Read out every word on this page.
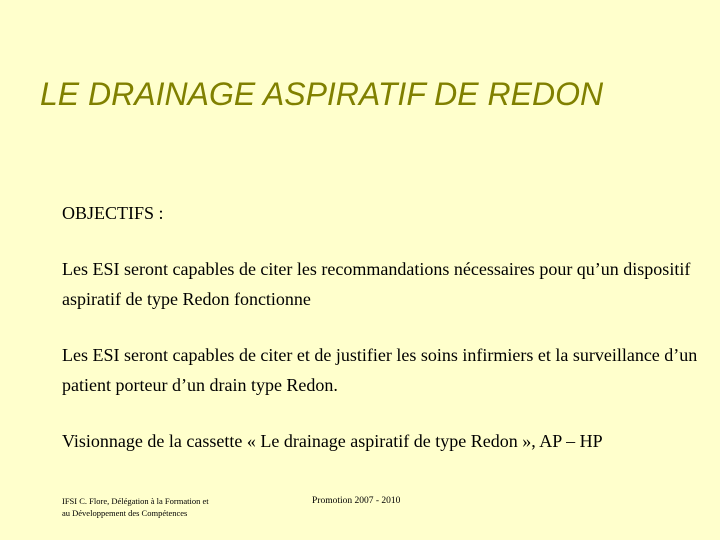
LE DRAINAGE ASPIRATIF DE REDON
OBJECTIFS :
Les ESI seront capables de citer les recommandations nécessaires pour qu’un dispositif aspiratif de type Redon fonctionne
Les ESI seront capables de citer et de justifier les soins infirmiers et la surveillance d’un patient porteur d’un drain type Redon.
Visionnage de la cassette « Le drainage aspiratif de type Redon », AP – HP
IFSI C. Flore, Délégation à la Formation et au Développement des Compétences
Promotion 2007 - 2010
